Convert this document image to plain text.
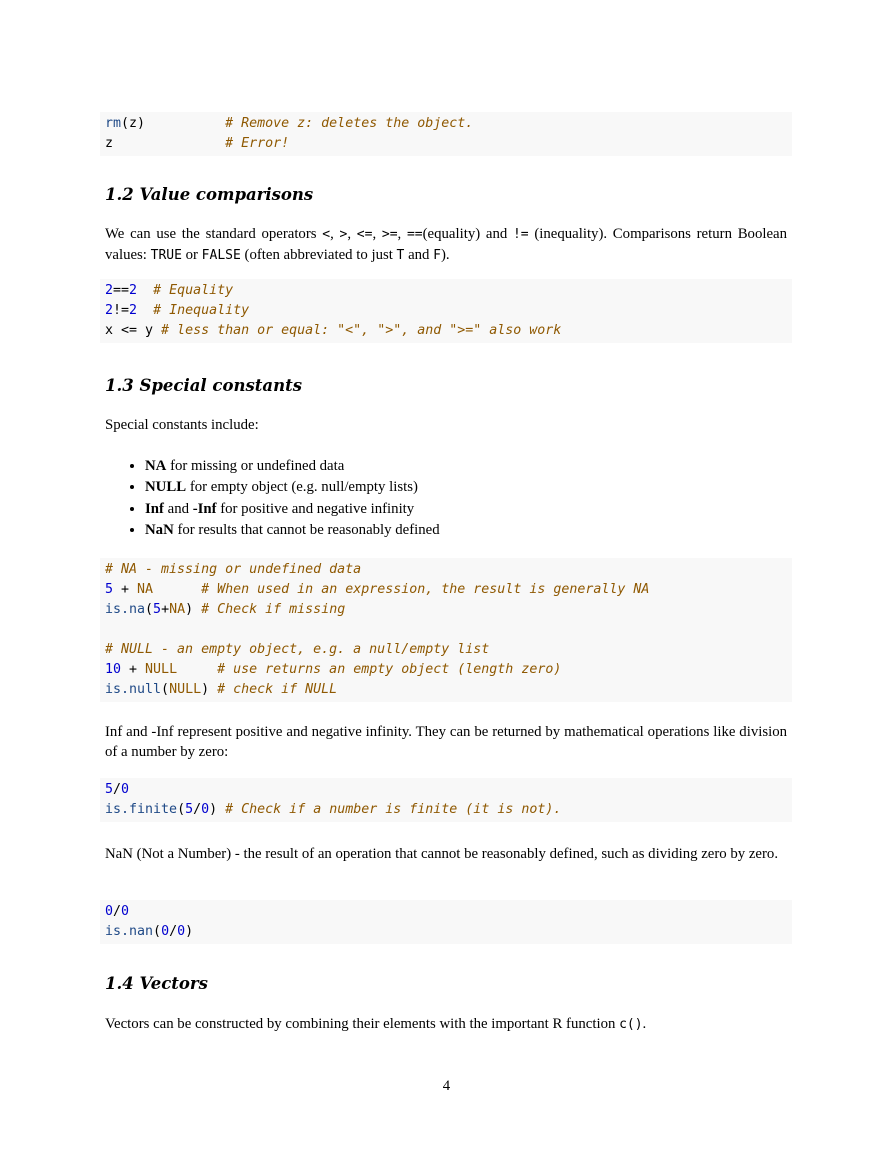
rm(z)	# Remove z: deletes the object.
z	# Error!
1.2 Value comparisons
We can use the standard operators <, >, <=, >=, ==(equality) and != (inequality). Comparisons return Boolean values: TRUE or FALSE (often abbreviated to just T and F).
2==2 # Equality
2!=2 # Inequality
x <= y # less than or equal: "<", ">", and ">=" also work
1.3 Special constants
Special constants include:
• NA for missing or undefined data
• NULL for empty object (e.g. null/empty lists)
• Inf and -Inf for positive and negative infinity
• NaN for results that cannot be reasonably defined
# NA - missing or undefined data
5 + NA	# When used in an expression, the result is generally NA
is.na(5+NA) # Check if missing
# NULL - an empty object, e.g. a null/empty list
10 + NULL	# use returns an empty object (length zero)
is.null(NULL) # check if NULL
Inf and -Inf represent positive and negative infinity. They can be returned by mathematical operations like division of a number by zero:
5/0
is.finite(5/0) # Check if a number is finite (it is not).
NaN (Not a Number) - the result of an operation that cannot be reasonably defined, such as dividing zero by zero.
0/0
is.nan(0/0)
1.4 Vectors
Vectors can be constructed by combining their elements with the important R function c().
4
